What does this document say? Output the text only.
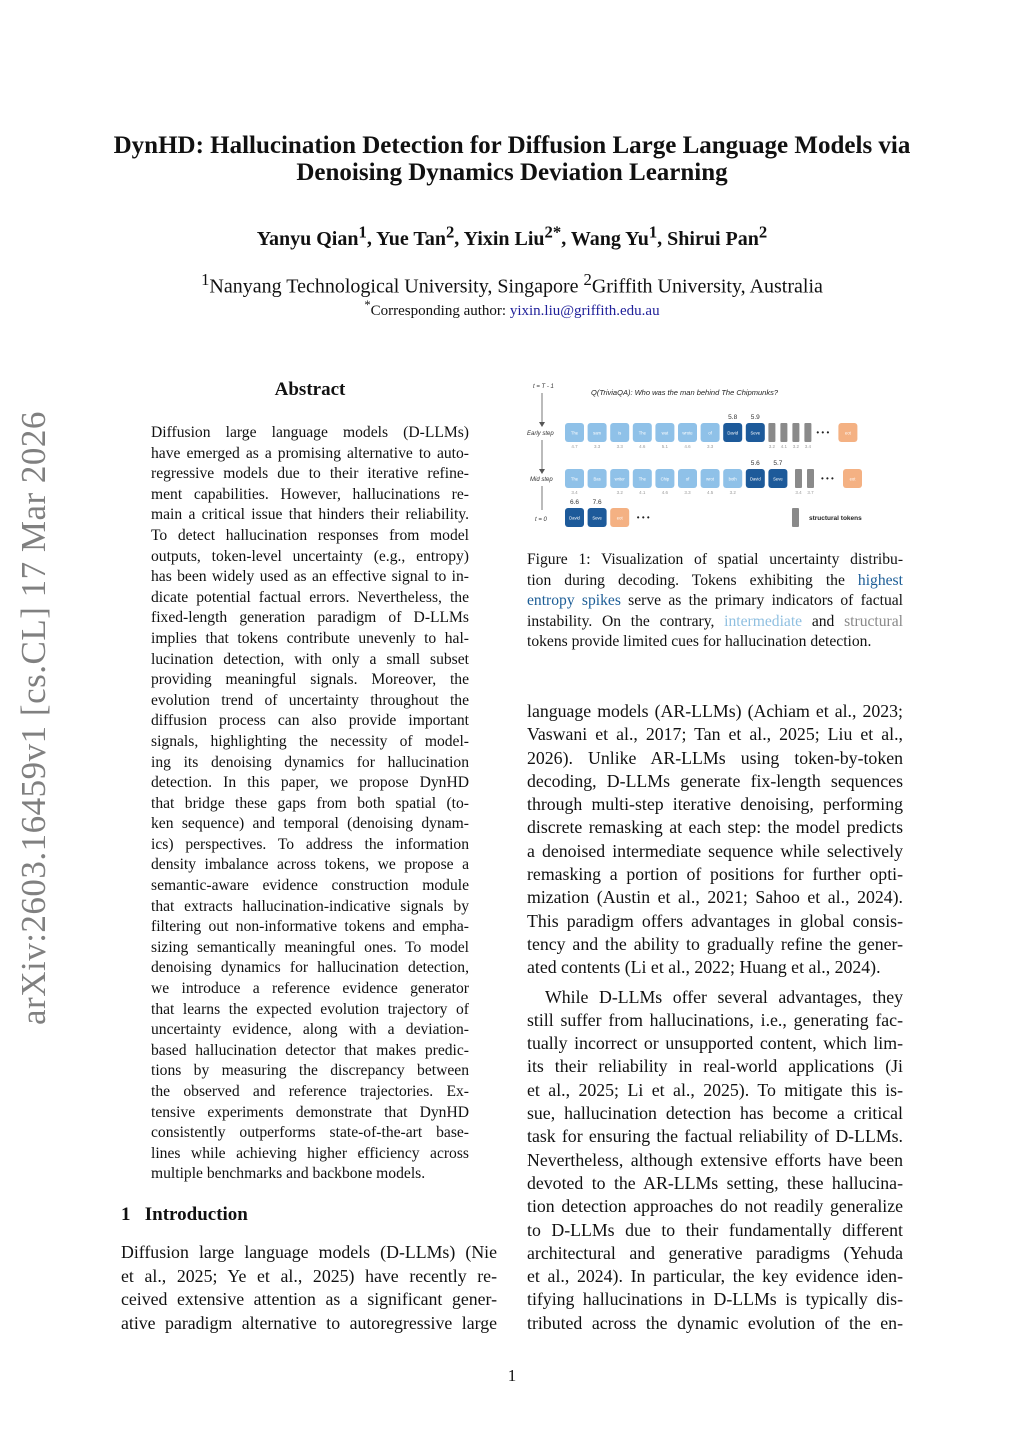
DynHD: Hallucination Detection for Diffusion Large Language Models via
Denoising Dynamics Deviation Learning
Yanyu Qian$^1$, Yue Tan$^2$, Yixin Liu$^{2*}$, Wang Yu$^1$, Shirui Pan$^2$
$^1$Nanyang Technological University, Singapore $^2$Griffith University, Australia
*Corresponding author: yixin.liu@griffith.edu.au
arXiv:2603.16459v1 [cs.CL] 17 Mar 2026
Abstract
Diffusion large language models (D-LLMs)
have emerged as a promising alternative to auto-
regressive models due to their iterative refine-
ment capabilities. However, hallucinations re-
main a critical issue that hinders their reliability.
To detect hallucination responses from model
outputs, token-level uncertainty (e.g., entropy)
has been widely used as an effective signal to in-
dicate potential factual errors. Nevertheless, the
fixed-length generation paradigm of D-LLMs
implies that tokens contribute unevenly to hal-
lucination detection, with only a small subset
providing meaningful signals. Moreover, the
evolution trend of uncertainty throughout the
diffusion process can also provide important
signals, highlighting the necessity of model-
ing its denoising dynamics for hallucination
detection. In this paper, we propose DynHD
that bridge these gaps from both spatial (to-
ken sequence) and temporal (denoising dynam-
ics) perspectives. To address the information
density imbalance across tokens, we propose a
semantic-aware evidence construction module
that extracts hallucination-indicative signals by
filtering out non-informative tokens and empha-
sizing semantically meaningful ones. To model
denoising dynamics for hallucination detection,
we introduce a reference evidence generator
that learns the expected evolution trajectory of
uncertainty evidence, along with a deviation-
based hallucination detector that makes predic-
tions by measuring the discrepancy between
the observed and reference trajectories. Ex-
tensive experiments demonstrate that DynHD
consistently outperforms state-of-the-art base-
lines while achieving higher efficiency across
multiple benchmarks and backbone models.
1 Introduction
Diffusion large language models (D-LLMs) (Nie
et al., 2025; Ye et al., 2025) have recently re-
ceived extensive attention as a significant gener-
ative paradigm alternative to autoregressive large
Q(TriviaQA): Who was the man behind The Chipmunks?
t = T - 1
Early step
Mid step
t = 0
The
4.7
sam
3.3
is
3.3
The
4.6
wat
5.1
wrote
4.6
of
3.3
David	Seve
5.8 5.9
3.2 4.1 3.2 3.4
• • •	eot
The
3.4
Bas	writer
3.2
The
4.1
Chip
4.6
of
3.3
wrot
4.5
both
3.2
David	Seve
5.6 5.7
3.4 3.7
• • •	eot
David	Seve	eot
6.6 7.6
• • •	structural tokens
Figure 1: Visualization of spatial uncertainty distribu-
tion during decoding. Tokens exhibiting the highest
entropy spikes serve as the primary indicators of factual
instability. On the contrary, intermediate and structural
tokens provide limited cues for hallucination detection.
language models (AR-LLMs) (Achiam et al., 2023;
Vaswani et al., 2017; Tan et al., 2025; Liu et al.,
2026). Unlike AR-LLMs using token-by-token
decoding, D-LLMs generate fix-length sequences
through multi-step iterative denoising, performing
discrete remasking at each step: the model predicts
a denoised intermediate sequence while selectively
remasking a portion of positions for further opti-
mization (Austin et al., 2021; Sahoo et al., 2024).
This paradigm offers advantages in global consis-
tency and the ability to gradually refine the gener-
ated contents (Li et al., 2022; Huang et al., 2024).
While D-LLMs offer several advantages, they
still suffer from hallucinations, i.e., generating fac-
tually incorrect or unsupported content, which lim-
its their reliability in real-world applications (Ji
et al., 2025; Li et al., 2025). To mitigate this is-
sue, hallucination detection has become a critical
task for ensuring the factual reliability of D-LLMs.
Nevertheless, although extensive efforts have been
devoted to the AR-LLMs setting, these hallucina-
tion detection approaches do not readily generalize
to D-LLMs due to their fundamentally different
architectural and generative paradigms (Yehuda
et al., 2024). In particular, the key evidence iden-
tifying hallucinations in D-LLMs is typically dis-
tributed across the dynamic evolution of the en-
1
